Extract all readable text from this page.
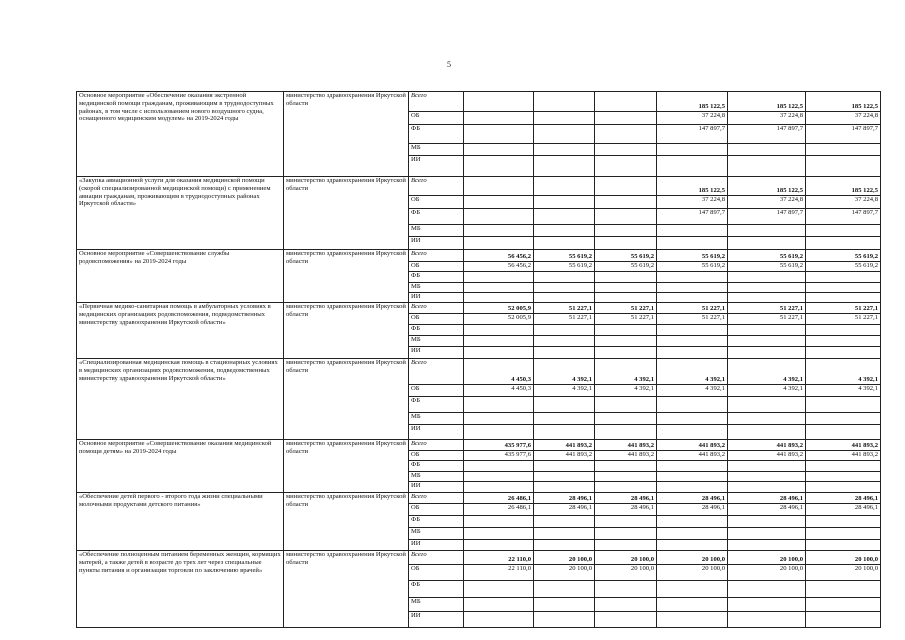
5
Основное мероприятие «Обеспечение оказания экстренной медицинской помощи гражданам, проживающим в труднодоступных районах, в том числе с использованием нового воздушного судна, оснащенного медицинским модулем» на 2019-2024 годы	министерство здравоохранения Иркутской области	Всего				185 122,5	185 122,5	185 122,5
		ОБ				37 224,8	37 224,8	37 224,8
		ФБ				147 897,7	147 897,7	147 897,7
		МБ						
		ИИ						
«Закупка авиационной услуги для оказания медицинской помощи (скорой специализированной медицинской помощи) с применением авиации гражданам, проживающим в труднодоступных районах Иркутской области»	министерство здравоохранения Иркутской области	Всего				185 122,5	185 122,5	185 122,5
		ОБ				37 224,8	37 224,8	37 224,8
		ФБ				147 897,7	147 897,7	147 897,7
		МБ						
		ИИ						
Основное мероприятие «Совершенствование службы родовспоможения» на 2019-2024 годы	министерство здравоохранения Иркутской области	Всего	56 456,2	55 619,2	55 619,2	55 619,2	55 619,2	55 619,2
		ОБ	56 456,2	55 619,2	55 619,2	55 619,2	55 619,2	55 619,2
		ФБ						
		МБ						
		ИИ						
«Первичная медико-санитарная помощь в амбулаторных условиях в медицинских организациях родовспоможения, подведомственных министерству здравоохранения Иркутской области»	министерство здравоохранения Иркутской области	Всего	52 005,9	51 227,1	51 227,1	51 227,1	51 227,1	51 227,1
		ОБ	52 005,9	51 227,1	51 227,1	51 227,1	51 227,1	51 227,1
		ФБ						
		МБ						
		ИИ						
«Специализированная медицинская помощь в стационарных условиях в медицинских организациях родовспоможения, подведомственных министерству здравоохранения Иркутской области»	министерство здравоохранения Иркутской области	Всего	4 450,3	4 392,1	4 392,1	4 392,1	4 392,1	4 392,1
		ОБ	4 450,3	4 392,1	4 392,1	4 392,1	4 392,1	4 392,1
		ФБ						
		МБ						
		ИИ						
Основное мероприятие «Совершенствование оказания медицинской помощи детям» на 2019-2024 годы	министерство здравоохранения Иркутской области	Всего	435 977,6	441 893,2	441 893,2	441 893,2	441 893,2	441 893,2
		ОБ	435 977,6	441 893,2	441 893,2	441 893,2	441 893,2	441 893,2
		ФБ						
		МБ						
		ИИ						
«Обеспечение детей первого - второго года жизни специальными молочными продуктами детского питания»	министерство здравоохранения Иркутской области	Всего	26 486,1	28 496,1	28 496,1	28 496,1	28 496,1	28 496,1
		ОБ	26 486,1	28 496,1	28 496,1	28 496,1	28 496,1	28 496,1
		ФБ						
		МБ						
		ИИ						
«Обеспечение полноценным питанием беременных женщин, кормящих матерей, а также детей в возрасте до трех лет через специальные пункты питания и организации торговли по заключению врачей»	министерство здравоохранения Иркутской области	Всего	22 110,0	20 100,0	20 100,0	20 100,0	20 100,0	20 100,0
		ОБ	22 110,0	20 100,0	20 100,0	20 100,0	20 100,0	20 100,0
		ФБ						
		МБ						
		ИИ						
